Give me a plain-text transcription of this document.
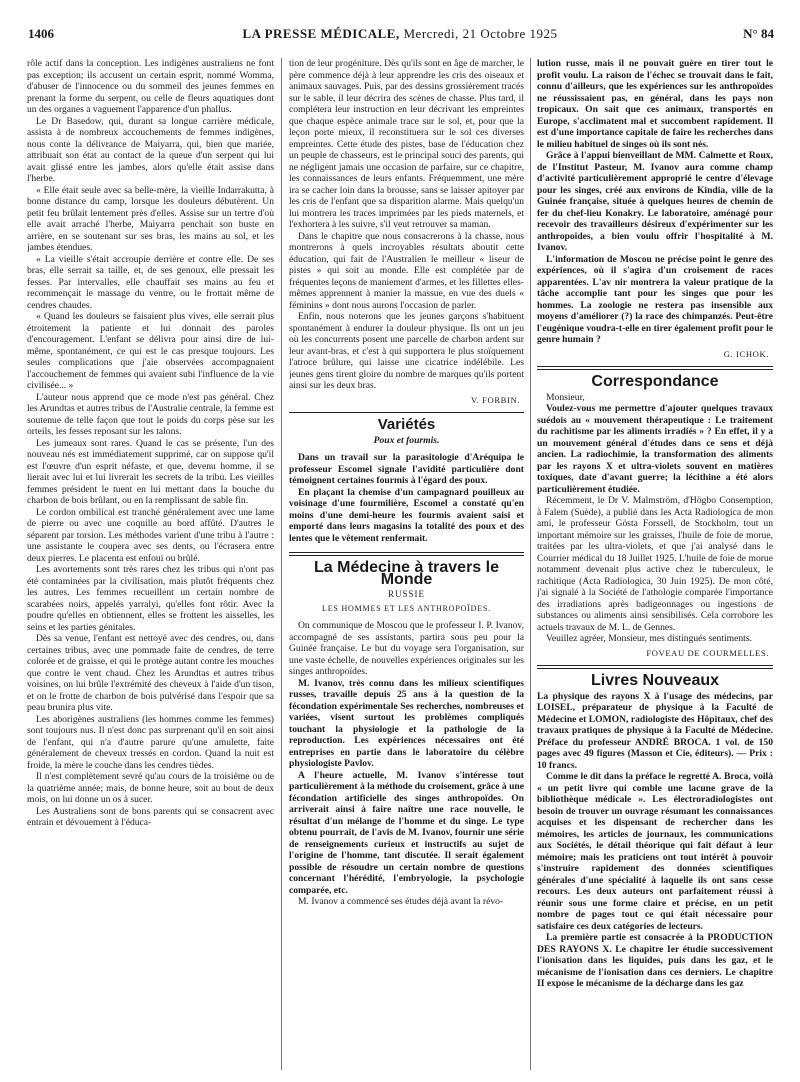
1406	LA PRESSE MÉDICALE, Mercredi, 21 Octobre 1925	N° 84

rôle actif dans la conception. Les indigènes australiens ne font pas exception; ils accusent un certain esprit, nommé Womma, d'abuser de l'innocence ou du sommeil des jeunes femmes en prenant la forme du serpent, ou celle de fleurs aquatiques dont un des organes a vaguement l'apparence d'un phallus.

Le Dr Basedow, qui, durant sa longue carrière médicale, assista à de nombreux accouchements de femmes indigènes, nous conte la délivrance de Maiyarra, qui, bien que mariée, attribuait son état au contact de la queue d'un serpent qui lui avait glissé entre les jambes, alors qu'elle était assise dans l'herbe.

« Elle était seule avec sa belle-mère, la vieille Indarrakutta, à bonne distance du camp, lorsque les douleurs débutèrent. Un petit feu brûlait lentement près d'elles. Assise sur un tertre d'où elle avait arraché l'herbe, Maiyarra penchait son buste en arrière, en se soutenant sur ses bras, les mains au sol, et les jambes étendues.

« La vieille s'était accroupie derrière et contre elle. De ses bras, elle serrait sa taille, et, de ses genoux, elle pressait les fesses. Par intervalles, elle chauffait ses mains au feu et recommençait le massage du ventre, ou le frottait même de cendres chaudes.

« Quand les douleurs se faisaient plus vives, elle serrait plus étroitement la patiente et lui donnait des paroles d'encouragement. L'enfant se délivra pour ainsi dire de lui-même, spontanément, ce qui est le cas presque toujours. Les seules complications que j'aie observées accompagnaient l'accouchement de femmes qui avaient subi l'influence de la vie civilisée... »

L'auteur nous apprend que ce mode n'est pas général. Chez les Arundtas et autres tribus de l'Australie centrale, la femme est soutenue de telle façon que tout le poids du corps pèse sur les orteils, les fesses reposant sur les talons.

Les jumeaux sont rares. Quand le cas se présente, l'un des nouveau nés est immédiatement supprimé, car on suppose qu'il est l'œuvre d'un esprit néfaste, et que, devenu homme, il se lierait avec lui et lui livrerait les secrets de la tribu. Les vieilles femmes président le tuent en lui mettant dans la bouche du charbon de bois brûlant, ou en la remplissant de sable fin.

Le cordon ombilical est tranché généralement avec une lame de pierre ou avec une coquille au bord affûté. D'autres le séparent par torsion. Les méthodes varient d'une tribu à l'autre : une assistante le coupera avec ses dents, ou l'écrasera entre deux pierres. Le placenta est enfoui ou brûlé.

Les avortements sont très rares chez les tribus qui n'ont pas été contaminées par la civilisation, mais plutôt fréquents chez les autres. Les femmes recueillent un certain nombre de scarabées noirs, appelés yarralyi, qu'elles font rôtir. Avec la poudre qu'elles en obtiennent, elles se frottent les aisselles, les seins et les parties génitales.

Dès sa venue, l'enfant est nettoyé avec des cendres, ou, dans certaines tribus, avec une pommade faite de cendres, de terre colorée et de graisse, et qui le protège autant contre les mouches que contre le vent chaud. Chez les Arundtas et autres tribus voisines, on lui brûle l'extrémité des cheveux à l'aide d'un tison, et on le frotte de charbon de bois pulvérisé dans l'espoir que sa peau brunira plus vite.

Les aborigènes australiens (les hommes comme les femmes) sont toujours nus. Il n'est donc pas surprenant qu'il en soit ainsi de l'enfant, qui n'a d'autre parure qu'une amulette, faite généralement de cheveux tressés en cordon. Quand la nuit est froide, la mère le couche dans les cendres tièdes.

Il n'est complètement sevré qu'au cours de la troisième ou de la quatrième année; mais, de bonne heure, soit au bout de deux mois, on lui donne un os à sucer.

Les Australiens sont de bons parents qui se consacrent avec entrain et dévouement à l'éduca-

tion de leur progéniture. Dès qu'ils sont en âge de marcher, le père commence déjà à leur apprendre les cris des oiseaux et animaux sauvages. Puis, par des dessins grossièrement tracés sur le sable, il leur décrira des scènes de chasse. Plus tard, il complétera leur instruction en leur décrivant les empreintes que chaque espèce animale trace sur le sol, et, pour que la leçon porte mieux, il reconstituera sur le sol ces diverses empreintes. Cette étude des pistes, base de l'éducation chez un peuple de chasseurs, est le principal souci des parents, qui ne négligent jamais une occasion de parfaire, sur ce chapitre, les connaissances de leurs enfants. Fréquemment, une mère ira se cacher loin dans la brousse, sans se laisser apitoyer par les cris de l'enfant que sa disparition alarme. Mais quelqu'un lui montrera les traces imprimées par les pieds maternels, et l'exhortera à les suivre, s'il veut retrouver sa maman.

Dans le chapitre que nous consacrerons à la chasse, nous montrerons à quels incroyables résultats aboutit cette éducation, qui fait de l'Australien le meilleur « liseur de pistes » qui soit au monde. Elle est complétée par de fréquentes leçons de maniement d'armes, et les fillettes elles-mêmes apprennent à manier la massue, en vue des duels « féminins » dont nous aurons l'occasion de parler.

Enfin, nous noterons que les jeunes garçons s'habituent spontanément à endurer la douleur physique. Ils ont un jeu où les concurrents posent une parcelle de charbon ardent sur leur avant-bras, et c'est à qui supportera le plus stoïquement l'atroce brûlure, qui laisse une cicatrice indélébile. Les jeunes gens tirent gloire du nombre de marques qu'ils portent ainsi sur les deux bras.

V. FORBIN.
Variétés
Poux et fourmis.

Dans un travail sur la parasitologie d'Aréquipa le professeur Escomel signale l'avidité particulière dont témoignent certaines fourmis à l'égard des poux.

En plaçant la chemise d'un campagnard pouilleux au voisinage d'une fourmilière, Escomel a constaté qu'en moins d'une demi-heure les fourmis avaient saisi et emporté dans leurs magasins la totalité des poux et des lentes que le vêtement renfermait.

La Médecine à travers le Monde
RUSSIE
LES HOMMES ET LES ANTHROPOÏDES.

On communique de Moscou que le professeur I. P. Ivanov, accompagné de ses assistants, partira sous peu pour la Guinée française. Le but du voyage sera l'organisation, sur une vaste échelle, de nouvelles expériences originales sur les singes anthropoïdes.

M. Ivanov, très connu dans les milieux scientifiques russes, travaille depuis 25 ans à la question de la fécondation expérimentale Ses recherches, nombreuses et variées, visent surtout les problèmes compliqués touchant la physiologie et la pathologie de la reproduction. Les expériences nécessaires ont été entreprises en partie dans le laboratoire du célèbre physiologiste Pavlov.

A l'heure actuelle, M. Ivanov s'intéresse tout particulièrement à la méthode du croisement, grâce à une fécondation artificielle des singes anthropoïdes. On arriverait ainsi à faire naître une race nouvelle, le résultat d'un mélange de l'homme et du singe. Le type obtenu pourrait, de l'avis de M. Ivanov, fournir une série de renseignements curieux et instructifs au sujet de l'origine de l'homme, tant discutée. Il serait également possible de résoudre un certain nombre de questions concernant l'hérédité, l'embryologie, la psychologie comparée, etc.

M. Ivanov a commencé ses études déjà avant la révo-

lution russe, mais il ne pouvait guère en tirer tout le profit voulu. La raison de l'échec se trouvait dans le fait, connu d'ailleurs, que les expériences sur les anthropoïdes ne réussissaient pas, en général, dans les pays non tropicaux. On sait que ces animaux, transportés en Europe, s'acclimatent mal et succombent rapidement. Il est d'une importance capitale de faire les recherches dans le milieu habituel de singes où ils sont nés.

Grâce à l'appui bienveillant de MM. Calmette et Roux, de l'Institut Pasteur, M. Ivanov aura comme champ d'activité particulièrement approprié le centre d'élevage pour les singes, créé aux environs de Kindia, ville de la Guinée française, située à quelques heures de chemin de fer du chef-lieu Konakry. Le laboratoire, aménagé pour recevoir des travailleurs désireux d'expérimenter sur les anthropoïdes, a bien voulu offrir l'hospitalité à M. Ivanov.

L'information de Moscou ne précise point le genre des expériences, où il s'agira d'un croisement de races apparentées. L'av nir montrera la valeur pratique de la tâche accomplie tant pour les singes que pour les hommes. La zoologie ne restera pas insensible aux moyens d'améliorer (?) la race des chimpanzés. Peut-être l'eugénique voudra-t-elle en tirer également profit pour le genre humain ?

G. ICHOK.
Correspondance

Monsieur,

Voulez-vous me permettre d'ajouter quelques travaux suédois au « mouvement thérapeutique : Le traitement du rachitisme par les aliments irradiés » ? En effet, il y a un mouvement général d'études dans ce sens et déjà ancien. La radiochimie, la transformation des aliments par les rayons X et ultra-violets souvent en matières toxiques, date d'avant guerre; la lécithine a été alors particulièrement étudiée.

Récemment, le Dr V. Malmström, d'Högbo Consemption, à Falem (Suède), a publié dans les Acta Radiologica de mon ami, le professeur Gösta Forssell, de Stockholm, tout un important mémoire sur les graisses, l'huile de foie de morue, traitées par les ultra-violets, et que j'ai analysé dans le Courrier médical du 18 Juillet 1925. L'huile de foie de morue notamment devenait plus active chez le tuberculeux, le rachitique (Acta Radiologica, 30 Juin 1925). De mon côté, j'ai signalé à la Société de l'athologie comparée l'importance des irradiations après badigeonnages ou ingestions de substances ou aliments ainsi sensibilisés. Cela corrobore les actuels travaux de M. L. de Gennes.

Veuillez agréer, Monsieur, mes distingués sentiments.

FOVEAU DE COURMELLES.
Livres Nouveaux

La physique des rayons X à l'usage des médecins, par LOISEL, préparateur de physique à la Faculté de Médecine et LOMON, radiologiste des Hôpitaux, chef des travaux pratiques de physique à la Faculté de Médecine. Préface du professeur ANDRÉ BROCA. 1 vol. de 150 pages avec 49 figures (Masson et Cie, éditeurs). — Prix : 10 francs.

Comme le dit dans la préface le regretté A. Broca, voilà « un petit livre qui comble une lacune grave de la bibliothèque médicale ». Les électroradiologistes ont besoin de trouver un ouvrage résumant les connaissances acquises et les dispensant de rechercher dans les mémoires, les articles de journaux, les communications aux Sociétés, le détail théorique qui fait défaut à leur mémoire; mais les praticiens ont tout intérêt à pouvoir s'instruire rapidement des données scientifiques générales d'une spécialité à laquelle ils ont sans cesse recours. Les deux auteurs ont parfaitement réussi à réunir sous une forme claire et précise, en un petit nombre de pages tout ce qui était nécessaire pour satisfaire ces deux catégories de lecteurs.

La première partie est consacrée à la PRODUCTION DES RAYONS X. Le chapitre Ier étudie successivement l'ionisation dans les liquides, puis dans les gaz, et le mécanisme de l'ionisation dans ces derniers. Le chapitre II expose le mécanisme de la décharge dans les gaz
